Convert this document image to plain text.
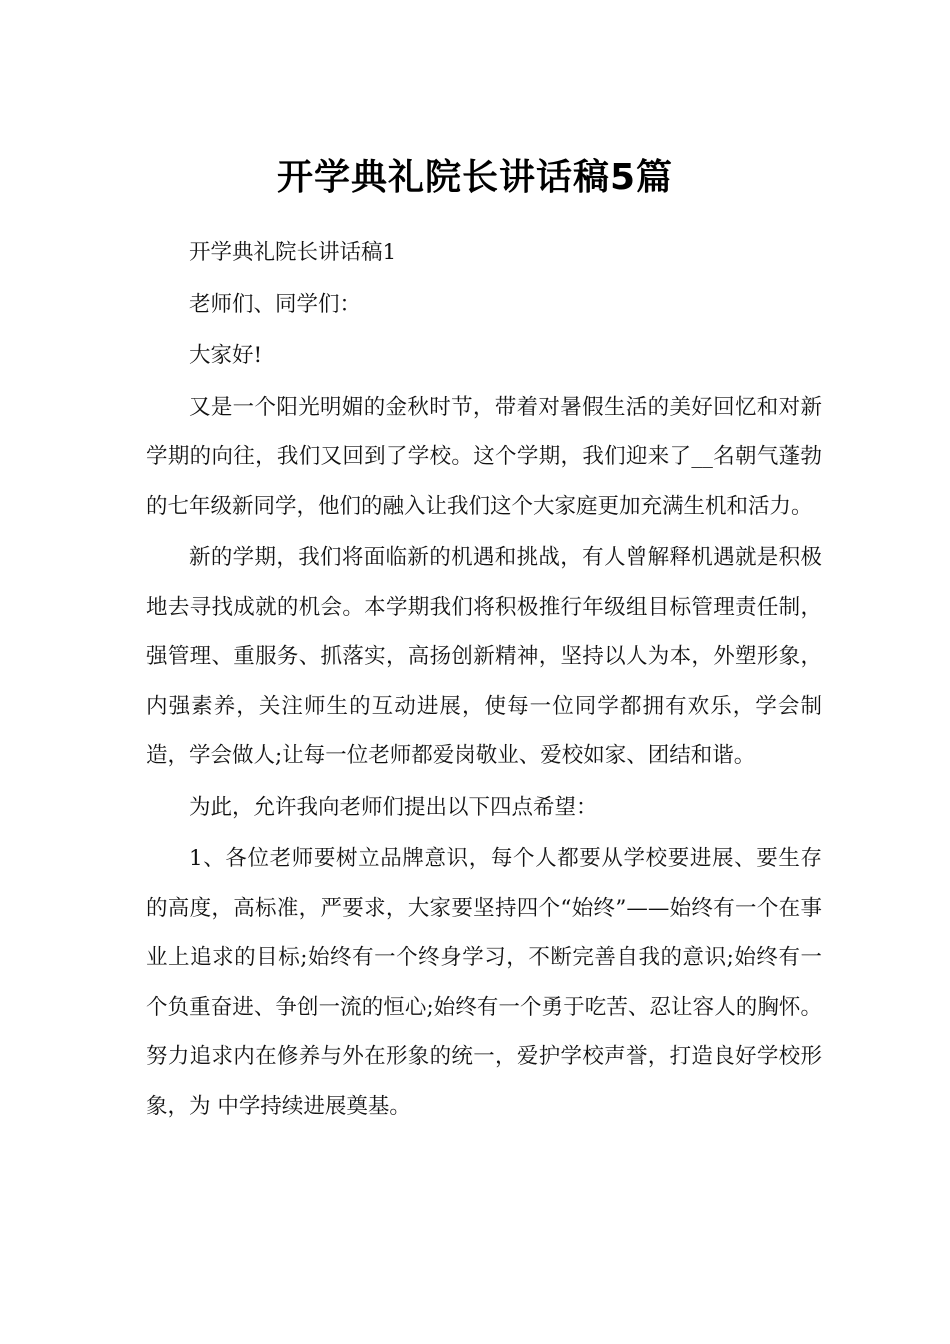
开学典礼院长讲话稿5篇

开学典礼院长讲话稿1

老师们、同学们：

大家好!

又是一个阳光明媚的金秋时节，带着对暑假生活的美好回忆和对新学期的向往，我们又回到了学校。这个学期，我们迎来了__名朝气蓬勃的七年级新同学，他们的融入让我们这个大家庭更加充满生机和活力。

新的学期，我们将面临新的机遇和挑战，有人曾解释机遇就是积极地去寻找成就的机会。本学期我们将积极推行年级组目标管理责任制，强管理、重服务、抓落实，高扬创新精神，坚持以人为本，外塑形象，内强素养，关注师生的互动进展，使每一位同学都拥有欢乐，学会制造，学会做人;让每一位老师都爱岗敬业、爱校如家、团结和谐。

为此，允许我向老师们提出以下四点希望：

1、各位老师要树立品牌意识，每个人都要从学校要进展、要生存的高度，高标准，严要求，大家要坚持四个“始终”——始终有一个在事业上追求的目标;始终有一个终身学习，不断完善自我的意识;始终有一个负重奋进、争创一流的恒心;始终有一个勇于吃苦、忍让容人的胸怀。努力追求内在修养与外在形象的统一，爱护学校声誉，打造良好学校形象，为 中学持续进展奠基。
